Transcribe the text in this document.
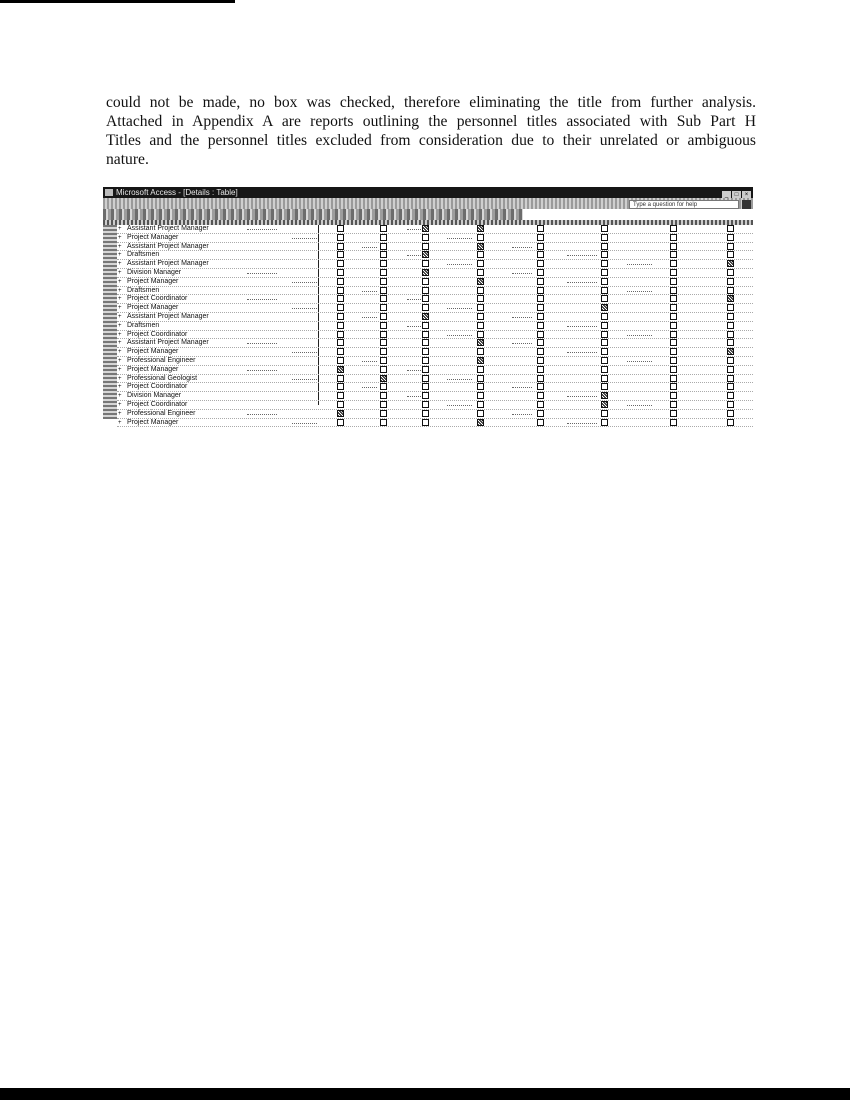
could not be made, no box was checked, therefore eliminating the title from further analysis.
Attached in Appendix A are reports outlining the personnel titles associated with Sub Part H
Titles and the personnel titles excluded from consideration due to their unrelated or ambiguous
nature.
Microsoft Access - [Details : Table]	_ □ ×
Type a question for help
+ Assistant Project Manager
+ Project Manager
+ Assistant Project Manager
+ Draftsmen
+ Assistant Project Manager
+ Division Manager
+ Project Manager
+ Draftsmen
+ Project Coordinator
+ Project Manager
+ Assistant Project Manager
+ Draftsmen
+ Project Coordinator
+ Assistant Project Manager
+ Project Manager
+ Professional Engineer
+ Project Manager
+ Professional Geologist
+ Project Coordinator
+ Division Manager
+ Project Coordinator
+ Professional Engineer
+ Project Manager
